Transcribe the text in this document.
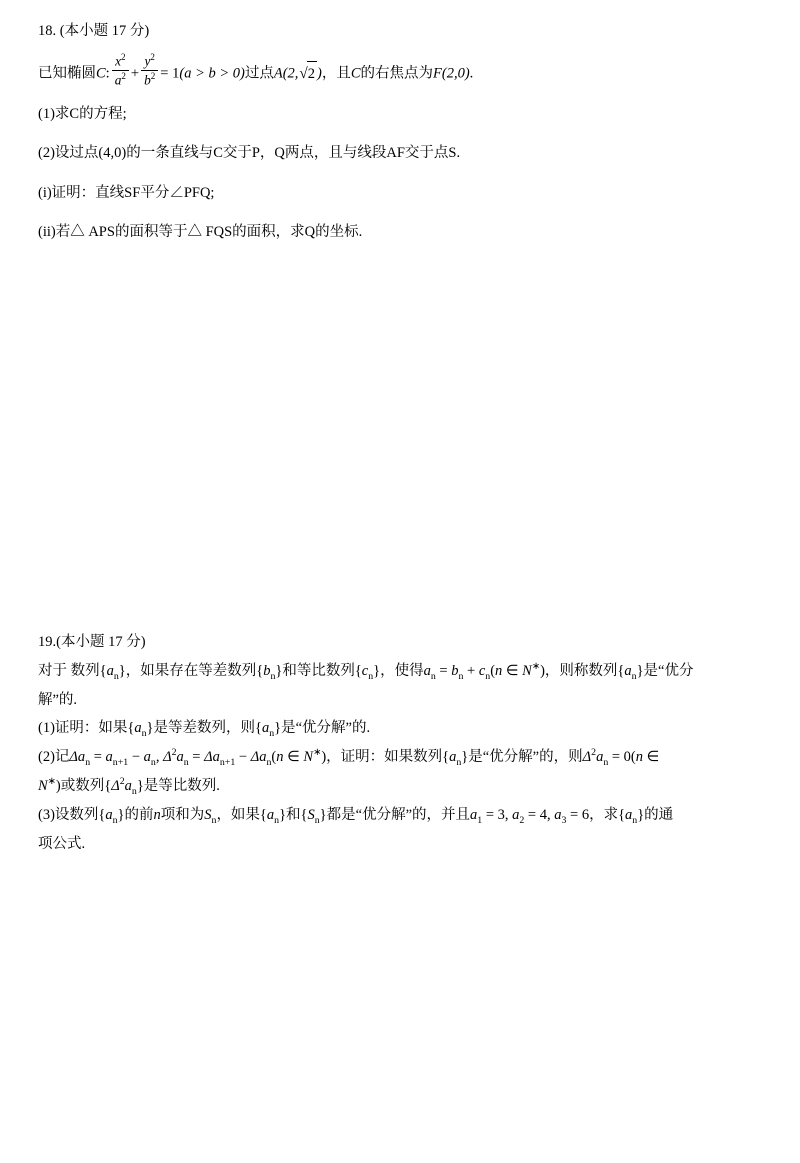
18. (本小题 17 分)
已知椭圆C: $\frac{x^2}{a^2} + \frac{y^2}{b^2} = 1(a > b > 0)$过点A(2,√2 )，且C的右焦点为F(2,0).
(1)求C的方程;
(2)设过点(4,0)的一条直线与C交于P，Q两点，且与线段AF交于点S.
(i)证明：直线SF平分∠PFQ;
(ii)若△ APS的面积等于△ FQS的面积，求Q的坐标.
19.(本小题 17 分)
对于 数列$\{a_n\}$，如果存在等差数列$\{b_n\}$和等比数列$\{c_n\}$，使得$a_n = b_n + c_n(n$ ∈ N∗)，则称数列$\{a_n\}$是“优分
解”的.
(1)证明：如果$\{a_n\}$是等差数列，则$\{a_n\}$是“优分解”的.
(2)记$\Delta a_n = a_{n+1} - a_n$, $\Delta^2a_n = \Delta a_{n+1} - \Delta a_n(n$ ∈ N∗)，证明：如果数列$\{a_n\}$是“优分解”的，则$\Delta^2a_n = 0(n$ ∈
N∗)或数列$\{\Delta^2a_n\}$是等比数列.
(3)设数列$\{a_n\}$的前n项和为$S_n$，如果$\{a_n\}$和$\{S_n\}$都是“优分解”的，并且$a_1 = 3$, $a_2 = 4$, $a_3 = 6$，求$\{a_n\}$的通
项公式.
